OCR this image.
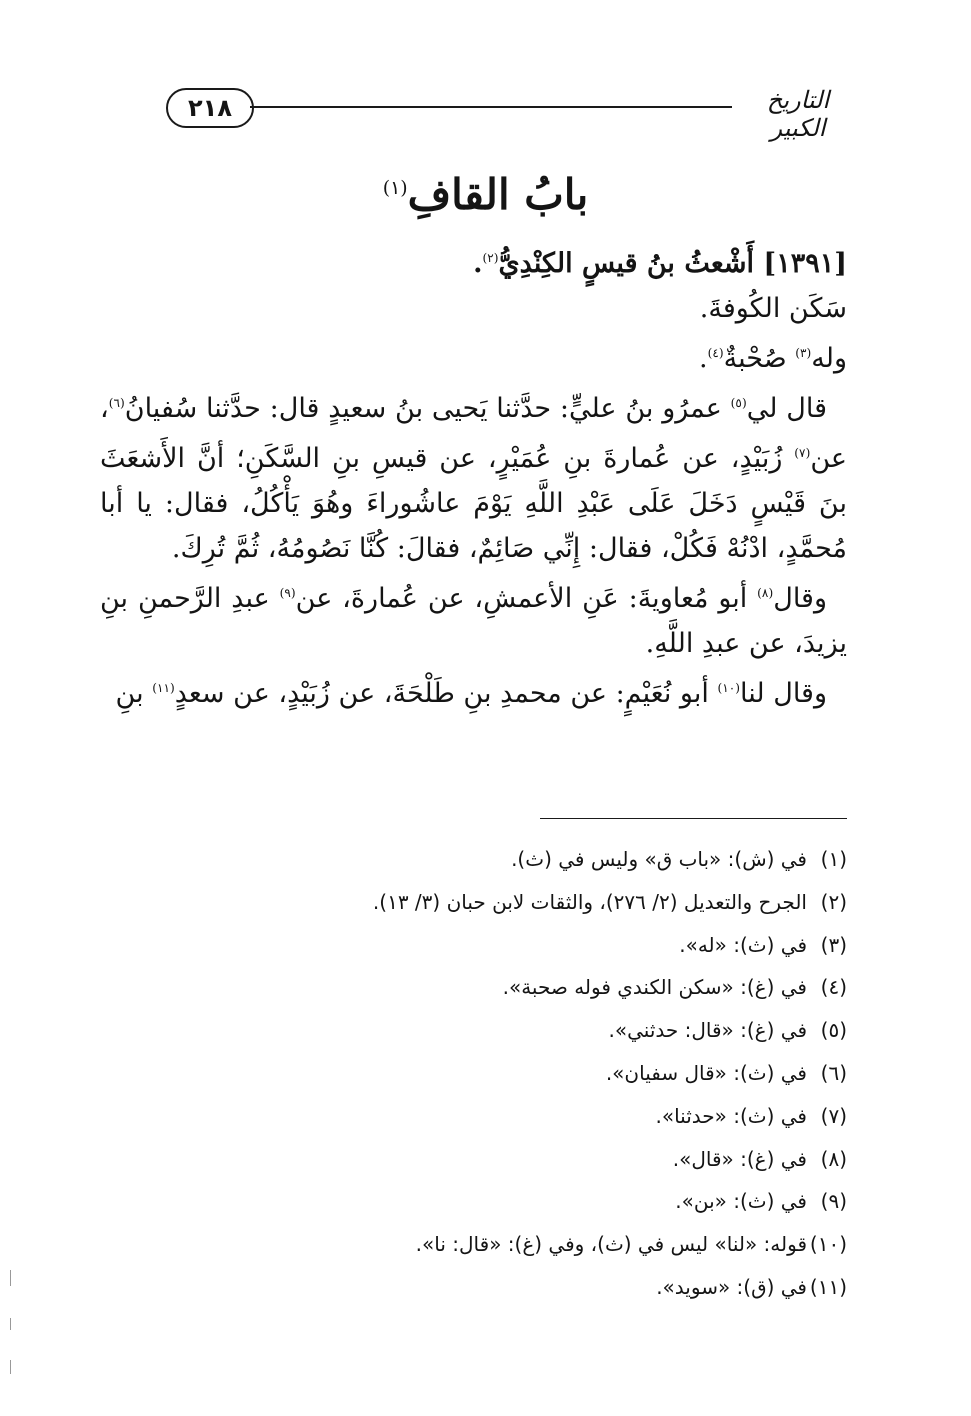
٢١٨	التاريخ الكبير
بابُ القافِ$^{(١)}$

[١٣٩١] أَشْعثُ بنُ قيسٍ الكِنْدِيُّ$^{(٢)}$.

سَكَن الكُوفةَ.

وله$^{(٣)}$ صُحْبةٌ$^{(٤)}$.

قال لي$^{(٥)}$ عمرُو بنُ عليٍّ: حدَّثنا يَحيى بنُ سعيدٍ قال: حدَّثنا سُفيانُ$^{(٦)}$، عن$^{(٧)}$ زُبَيْدٍ، عن عُمارةَ بنِ عُمَيْرٍ، عن قيسِ بنِ السَّكَنِ؛ أنَّ الأَشعَثَ بنَ قَيْسٍ دَخَلَ عَلَى عَبْدِ اللَّهِ يَوْمَ عاشُوراءَ وهُوَ يَأْكُلُ، فقال: يا أبا مُحمَّدٍ، ادْنُهْ فَكُلْ، فقال: إِنِّي صَائِمٌ، فقالَ: كُنَّا نَصُومُهُ، ثُمَّ تُرِكَ.

وقال$^{(٨)}$ أبو مُعاويةَ: عَنِ الأعمشِ، عن عُمارةَ، عن$^{(٩)}$ عبدِ الرَّحمنِ بنِ يزيدَ، عن عبدِ اللَّهِ.

وقال لنا$^{(١٠)}$ أبو نُعَيْمٍ: عن محمدِ بنِ طَلْحَةَ، عن زُبَيْدٍ، عن سعدٍ$^{(١١)}$ بنِ

(١)في (ش): «باب ق» وليس في (ث).
(٢)الجرح والتعديل (٢/ ٢٧٦)، والثقات لابن حبان (٣/ ١٣).
(٣)في (ث): «له».
(٤)في (غ): «سكن الكندي فوله صحبة».
(٥)في (غ): «قال: حدثني».
(٦)في (ث): «قال سفيان».
(٧)في (ث): «حدثنا».
(٨)في (غ): «قال».
(٩)في (ث): «بن».
(١٠)قوله: «لنا» ليس في (ث)، وفي (غ): «قال: نا».
(١١)في (ق): «سويد».
